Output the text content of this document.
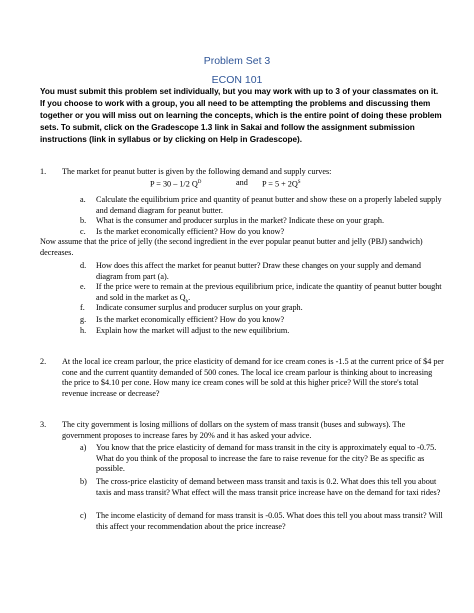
Problem Set 3
ECON 101
You must submit this problem set individually, but you may work with up to 3 of your classmates on it. If you choose to work with a group, you all need to be attempting the problems and discussing them together or you will miss out on learning the concepts, which is the entire point of doing these problem sets. To submit, click on the Gradescope 1.3 link in Sakai and follow the assignment submission instructions (link in syllabus or by clicking on Help in Gradescope).
1. The market for peanut butter is given by the following demand and supply curves:
P = 30 – 1/2 $Q^D$	and $P = 5 + 2Q^S$
a. Calculate the equilibrium price and quantity of peanut butter and show these on a properly labeled supply and demand diagram for peanut butter.
b. What is the consumer and producer surplus in the market? Indicate these on your graph.
c. Is the market economically efficient? How do you know?
Now assume that the price of jelly (the second ingredient in the ever popular peanut butter and jelly (PBJ) sandwich) decreases.
d. How does this affect the market for peanut butter? Draw these changes on your supply and demand diagram from part (a).
e. If the price were to remain at the previous equilibrium price, indicate the quantity of peanut butter bought and sold in the market as $Q_b$.
f. Indicate consumer surplus and producer surplus on your graph.
g. Is the market economically efficient? How do you know?
h. Explain how the market will adjust to the new equilibrium.
2. At the local ice cream parlour, the price elasticity of demand for ice cream cones is -1.5 at the current price of $4 per cone and the current quantity demanded of 500 cones. The local ice cream parlour is thinking about to increasing the price to $4.10 per cone. How many ice cream cones will be sold at this higher price? Will the store's total revenue increase or decrease?
3. The city government is losing millions of dollars on the system of mass transit (buses and subways). The government proposes to increase fares by 20% and it has asked your advice.
a) You know that the price elasticity of demand for mass transit in the city is approximately equal to -0.75. What do you think of the proposal to increase the fare to raise revenue for the city? Be as specific as possible.
b) The cross-price elasticity of demand between mass transit and taxis is 0.2. What does this tell you about taxis and mass transit? What effect will the mass transit price increase have on the demand for taxi rides?
c) The income elasticity of demand for mass transit is -0.05. What does this tell you about mass transit? Will this affect your recommendation about the price increase?
